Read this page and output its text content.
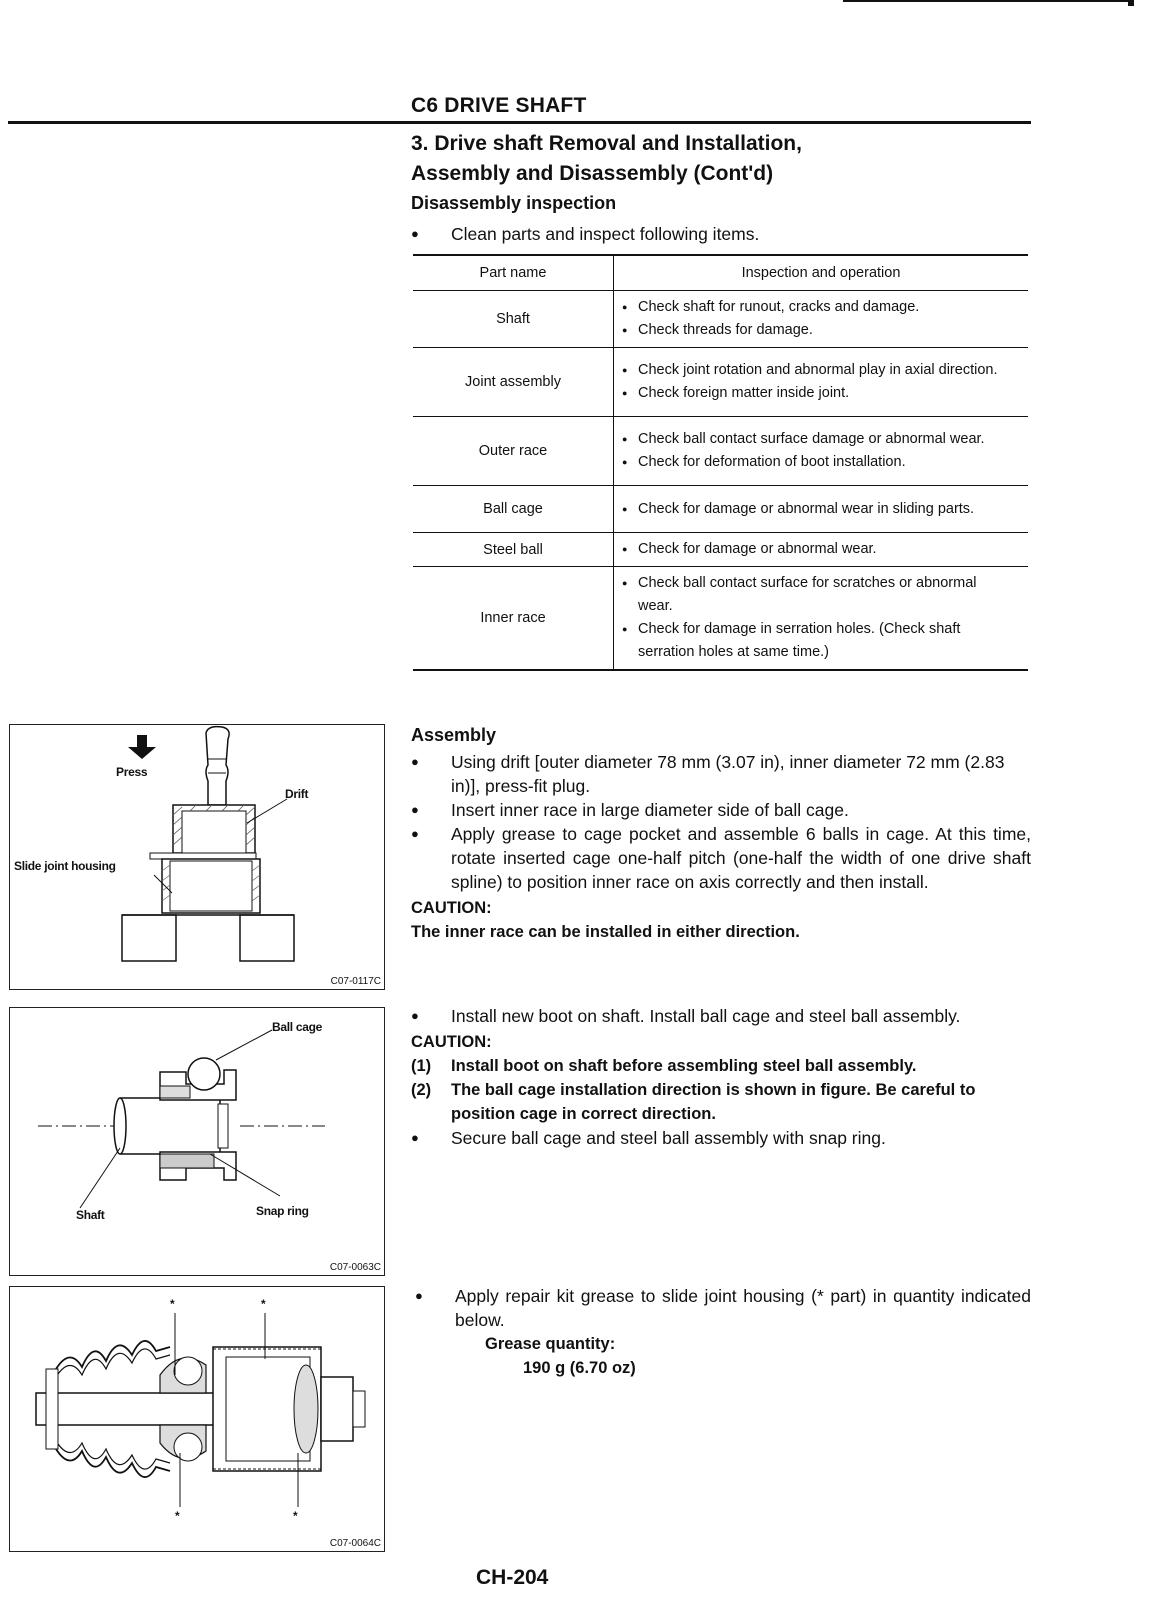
C6 DRIVE SHAFT
3. Drive shaft Removal and Installation,
Assembly and Disassembly (Cont'd)
Disassembly inspection
● Clean parts and inspect following items.
Part name	Inspection and operation
Shaft	● Check shaft for runout, cracks and damage.
● Check threads for damage.

Joint assembly	● Check joint rotation and abnormal play in axial direction.
● Check foreign matter inside joint.

Outer race	● Check ball contact surface damage or abnormal wear.
● Check for deformation of boot installation.

Ball cage	● Check for damage or abnormal wear in sliding parts.

Steel ball	● Check for damage or abnormal wear.

Inner race	● Check ball contact surface for scratches or abnormal wear.
● Check for damage in serration holes. (Check shaft serration holes at same time.)
Assembly
● Using drift [outer diameter 78 mm (3.07 in), inner diameter 72 mm (2.83 in)], press-fit plug.
● Insert inner race in large diameter side of ball cage.
● Apply grease to cage pocket and assemble 6 balls in cage. At this time, rotate inserted cage one-half pitch (one-half the width of one drive shaft spline) to position inner race on axis correctly and then install.
CAUTION:
The inner race can be installed in either direction.
● Install new boot on shaft. Install ball cage and steel ball assembly.
CAUTION:
(1) Install boot on shaft before assembling steel ball assembly.
(2) The ball cage installation direction is shown in figure. Be careful to position cage in correct direction.
● Secure ball cage and steel ball assembly with snap ring.
● Apply repair kit grease to slide joint housing (* part) in quantity indicated below.
Grease quantity:
190 g (6.70 oz)
Press
Drift
Slide joint housing
C07-0117C
Ball cage
Shaft	Snap ring
C07-0063C
*	*
*	*
C07-0064C
CH-204
